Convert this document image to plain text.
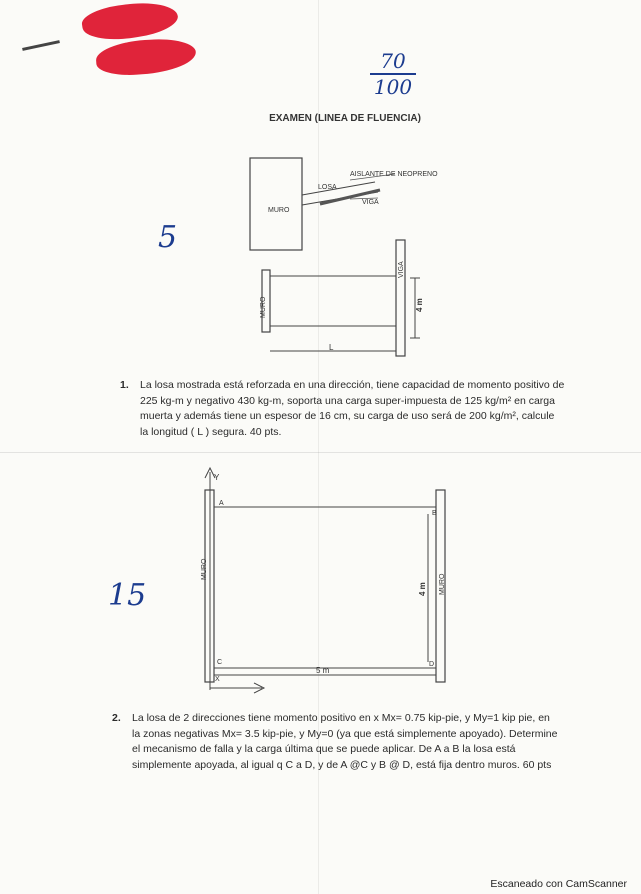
70
100
EXAMEN (LINEA DE FLUENCIA)
MURO
LOSA
AISLANTE DE NEOPRENO
VIGA
4 m
L
MURO
VIGA
5
1. La losa mostrada está reforzada en una dirección, tiene capacidad de momento positivo de 225 kg-m y negativo 430 kg-m, soporta una carga super-impuesta de 125 kg/m² en carga muerta y además tiene un espesor de 16 cm, su carga de uso será de 200 kg/m², calcule la longitud ( L ) segura. 40 pts.
X
Y
A
B
C	D
MURO
MURO
4 m
5 m
15
2. La losa de 2 direcciones tiene momento positivo en x Mx= 0.75 kip-pie, y My=1 kip pie, en la zonas negativas Mx= 3.5 kip-pie, y My=0 (ya que está simplemente apoyado). Determine el mecanismo de falla y la carga última que se puede aplicar. De A a B la losa está simplemente apoyada, al igual q C a D, y de A @C y B @ D, está fija dentro muros. 60 pts
Escaneado con CamScanner
